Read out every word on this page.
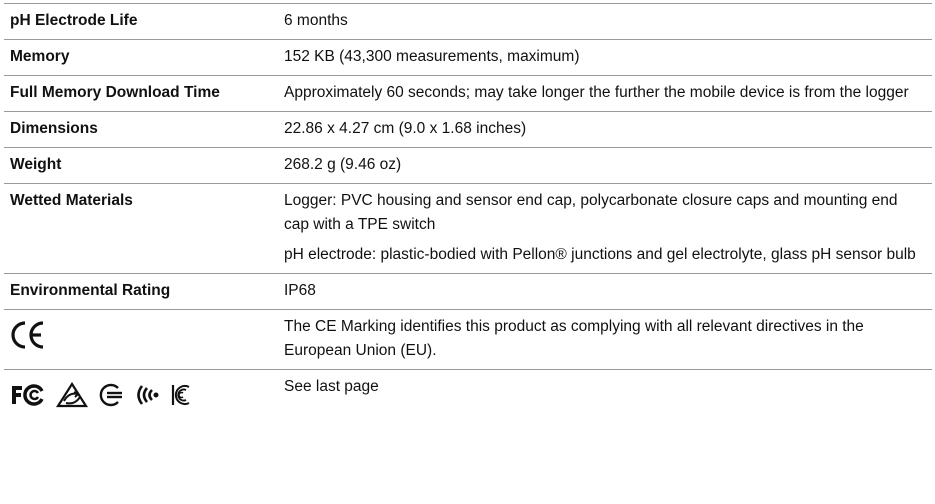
pH Electrode Life	6 months
Memory	152 KB (43,300 measurements, maximum)
Full Memory Download Time	Approximately 60 seconds; may take longer the further the mobile device is from the logger
Dimensions	22.86 x 4.27 cm (9.0 x 1.68 inches)
Weight	268.2 g (9.46 oz)
Wetted Materials	Logger: PVC housing and sensor end cap, polycarbonate closure caps and mounting end cap with a TPE switch
pH electrode: plastic-bodied with Pellon® junctions and gel electrolyte, glass pH sensor bulb

Environmental Rating	IP68

	The CE Marking identifies this product as complying with all relevant directives in the European Union (EU).

	See last page
